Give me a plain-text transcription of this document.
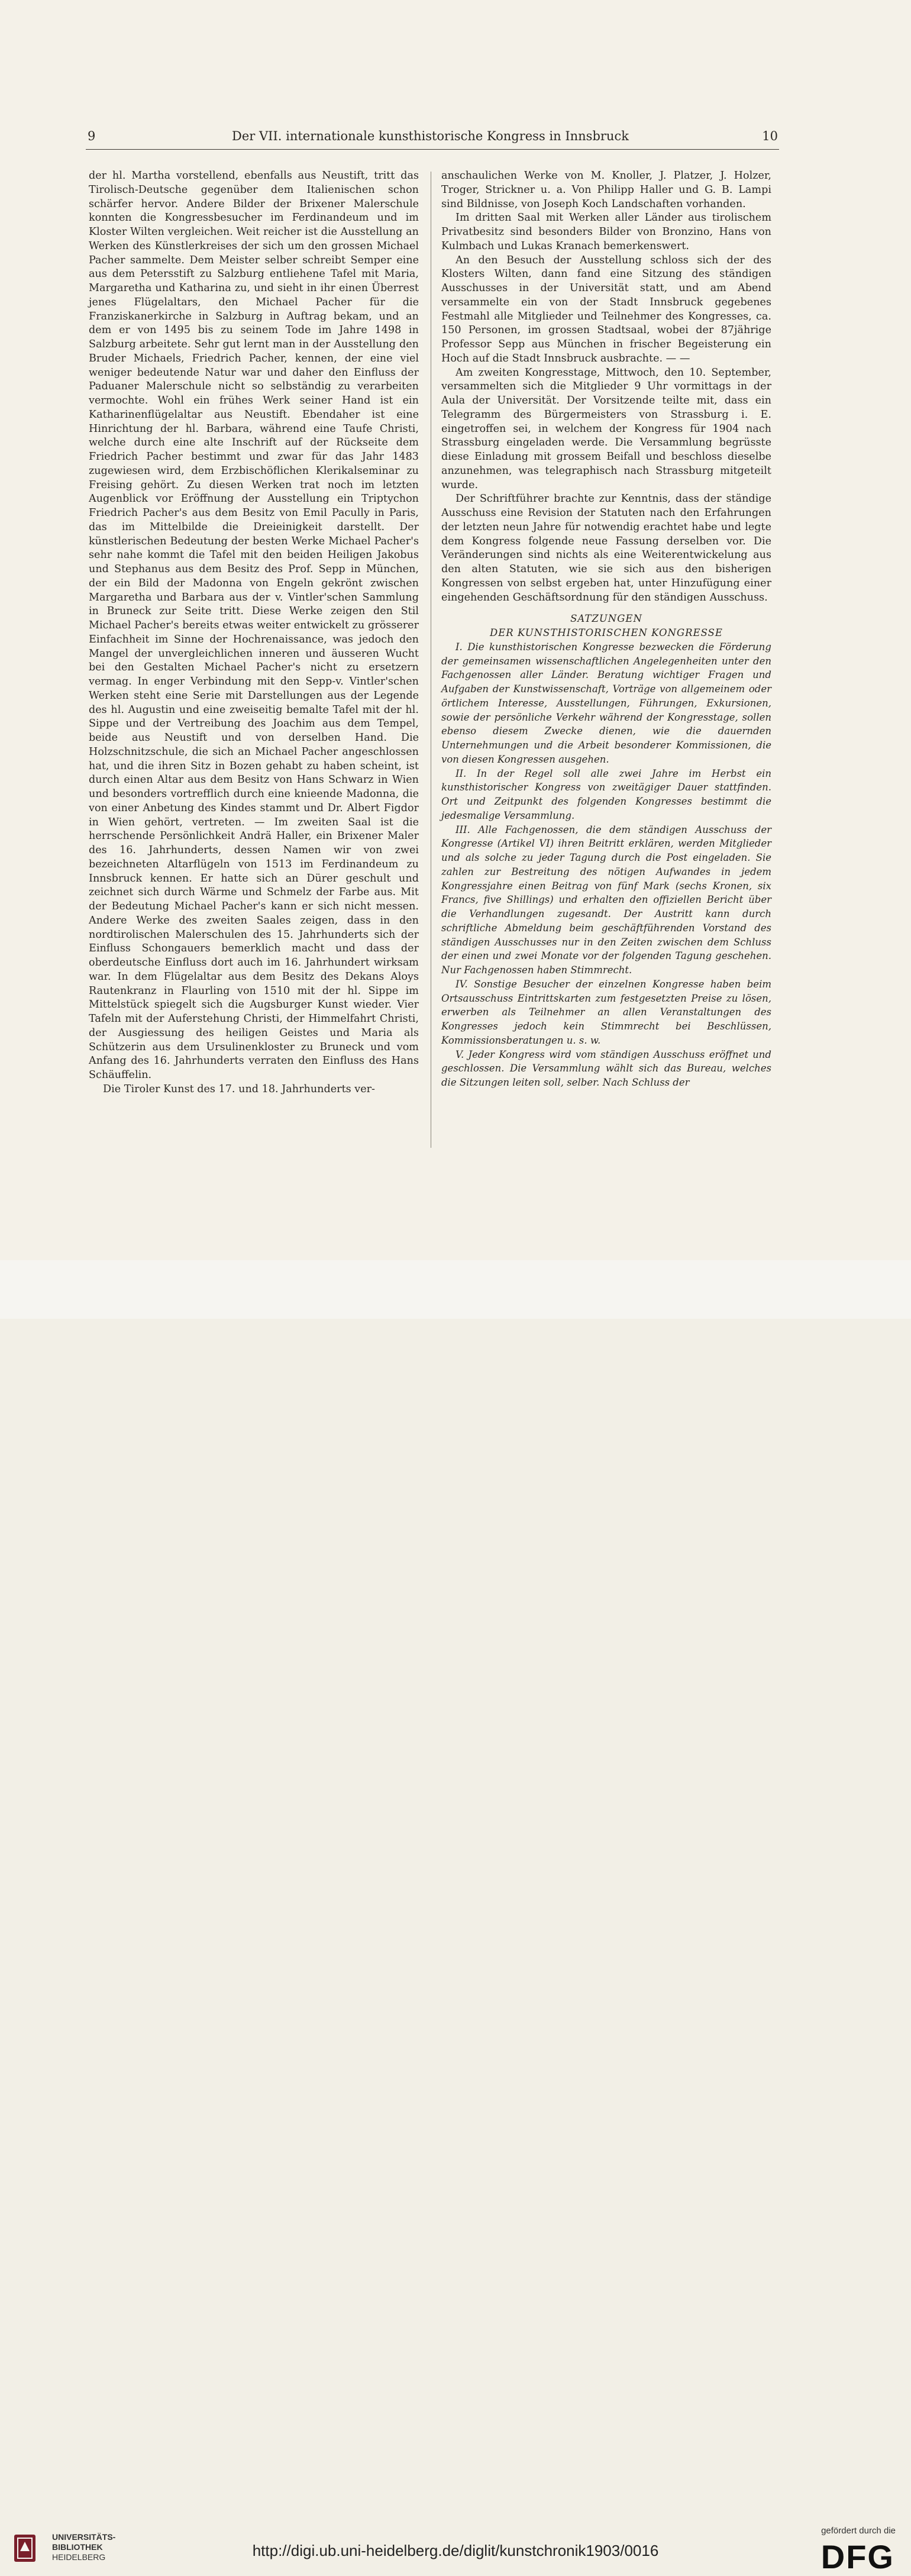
9	Der VII. internationale kunsthistorische Kongress in Innsbruck	10

der hl. Martha vorstellend, ebenfalls aus Neustift, tritt das Tirolisch-Deutsche gegenüber dem Italienischen schon schärfer hervor. Andere Bilder der Brixener Malerschule konnten die Kongressbesucher im Ferdinandeum und im Kloster Wilten vergleichen. Weit reicher ist die Ausstellung an Werken des Künstlerkreises der sich um den grossen Michael Pacher sammelte. Dem Meister selber schreibt Semper eine aus dem Petersstift zu Salzburg entliehene Tafel mit Maria, Margaretha und Katharina zu, und sieht in ihr einen Überrest jenes Flügelaltars, den Michael Pacher für die Franziskanerkirche in Salzburg in Auftrag bekam, und an dem er von 1495 bis zu seinem Tode im Jahre 1498 in Salzburg arbeitete. Sehr gut lernt man in der Ausstellung den Bruder Michaels, Friedrich Pacher, kennen, der eine viel weniger bedeutende Natur war und daher den Einfluss der Paduaner Malerschule nicht so selbständig zu verarbeiten vermochte. Wohl ein frühes Werk seiner Hand ist ein Katharinenflügelaltar aus Neustift. Ebendaher ist eine Hinrichtung der hl. Barbara, während eine Taufe Christi, welche durch eine alte Inschrift auf der Rückseite dem Friedrich Pacher bestimmt und zwar für das Jahr 1483 zugewiesen wird, dem Erzbischöflichen Klerikalseminar zu Freising gehört. Zu diesen Werken trat noch im letzten Augenblick vor Eröffnung der Ausstellung ein Triptychon Friedrich Pacher's aus dem Besitz von Emil Pacully in Paris, das im Mittelbilde die Dreieinigkeit darstellt. Der künstlerischen Bedeutung der besten Werke Michael Pacher's sehr nahe kommt die Tafel mit den beiden Heiligen Jakobus und Stephanus aus dem Besitz des Prof. Sepp in München, der ein Bild der Madonna von Engeln gekrönt zwischen Margaretha und Barbara aus der v. Vintler'schen Sammlung in Bruneck zur Seite tritt. Diese Werke zeigen den Stil Michael Pacher's bereits etwas weiter entwickelt zu grösserer Einfachheit im Sinne der Hochrenaissance, was jedoch den Mangel der unvergleichlichen inneren und äusseren Wucht bei den Gestalten Michael Pacher's nicht zu ersetzern vermag. In enger Verbindung mit den Sepp-v. Vintler'schen Werken steht eine Serie mit Darstellungen aus der Legende des hl. Augustin und eine zweiseitig bemalte Tafel mit der hl. Sippe und der Vertreibung des Joachim aus dem Tempel, beide aus Neustift und von derselben Hand. Die Holzschnitzschule, die sich an Michael Pacher angeschlossen hat, und die ihren Sitz in Bozen gehabt zu haben scheint, ist durch einen Altar aus dem Besitz von Hans Schwarz in Wien und besonders vortrefflich durch eine knieende Madonna, die von einer Anbetung des Kindes stammt und Dr. Albert Figdor in Wien gehört, vertreten. — Im zweiten Saal ist die herrschende Persönlichkeit Andrä Haller, ein Brixener Maler des 16. Jahrhunderts, dessen Namen wir von zwei bezeichneten Altarflügeln von 1513 im Ferdinandeum zu Innsbruck kennen. Er hatte sich an Dürer geschult und zeichnet sich durch Wärme und Schmelz der Farbe aus. Mit der Bedeutung Michael Pacher's kann er sich nicht messen. Andere Werke des zweiten Saales zeigen, dass in den nordtirolischen Malerschulen des 15. Jahrhunderts sich der Einfluss Schongauers bemerklich macht und dass der oberdeutsche Einfluss dort auch im 16. Jahrhundert wirksam war. In dem Flügelaltar aus dem Besitz des Dekans Aloys Rautenkranz in Flaurling von 1510 mit der hl. Sippe im Mittelstück spiegelt sich die Augsburger Kunst wieder. Vier Tafeln mit der Auferstehung Christi, der Himmelfahrt Christi, der Ausgiessung des heiligen Geistes und Maria als Schützerin aus dem Ursulinenkloster zu Bruneck und vom Anfang des 16. Jahrhunderts verraten den Einfluss des Hans Schäuffelin.

Die Tiroler Kunst des 17. und 18. Jahrhunderts ver-

anschaulichen Werke von M. Knoller, J. Platzer, J. Holzer, Troger, Strickner u. a. Von Philipp Haller und G. B. Lampi sind Bildnisse, von Joseph Koch Landschaften vorhanden.

Im dritten Saal mit Werken aller Länder aus tirolischem Privatbesitz sind besonders Bilder von Bronzino, Hans von Kulmbach und Lukas Kranach bemerkenswert.

An den Besuch der Ausstellung schloss sich der des Klosters Wilten, dann fand eine Sitzung des ständigen Ausschusses in der Universität statt, und am Abend versammelte ein von der Stadt Innsbruck gegebenes Festmahl alle Mitglieder und Teilnehmer des Kongresses, ca. 150 Personen, im grossen Stadtsaal, wobei der 87jährige Professor Sepp aus München in frischer Begeisterung ein Hoch auf die Stadt Innsbruck ausbrachte. — —

Am zweiten Kongresstage, Mittwoch, den 10. September, versammelten sich die Mitglieder 9 Uhr vormittags in der Aula der Universität. Der Vorsitzende teilte mit, dass ein Telegramm des Bürgermeisters von Strassburg i. E. eingetroffen sei, in welchem der Kongress für 1904 nach Strassburg eingeladen werde. Die Versammlung begrüsste diese Einladung mit grossem Beifall und beschloss dieselbe anzunehmen, was telegraphisch nach Strassburg mitgeteilt wurde.

Der Schriftführer brachte zur Kenntnis, dass der ständige Ausschuss eine Revision der Statuten nach den Erfahrungen der letzten neun Jahre für notwendig erachtet habe und legte dem Kongress folgende neue Fassung derselben vor. Die Veränderungen sind nichts als eine Weiterentwickelung aus den alten Statuten, wie sie sich aus den bisherigen Kongressen von selbst ergeben hat, unter Hinzufügung einer eingehenden Geschäftsordnung für den ständigen Ausschuss.

SATZUNGEN

DER KUNSTHISTORISCHEN KONGRESSE

I. Die kunsthistorischen Kongresse bezwecken die Förderung der gemeinsamen wissenschaftlichen Angelegenheiten unter den Fachgenossen aller Länder. Beratung wichtiger Fragen und Aufgaben der Kunstwissenschaft, Vorträge von allgemeinem oder örtlichem Interesse, Ausstellungen, Führungen, Exkursionen, sowie der persönliche Verkehr während der Kongresstage, sollen ebenso diesem Zwecke dienen, wie die dauernden Unternehmungen und die Arbeit besonderer Kommissionen, die von diesen Kongressen ausgehen.

II. In der Regel soll alle zwei Jahre im Herbst ein kunsthistorischer Kongress von zweitägiger Dauer stattfinden. Ort und Zeitpunkt des folgenden Kongresses bestimmt die jedesmalige Versammlung.

III. Alle Fachgenossen, die dem ständigen Ausschuss der Kongresse (Artikel VI) ihren Beitritt erklären, werden Mitglieder und als solche zu jeder Tagung durch die Post eingeladen. Sie zahlen zur Bestreitung des nötigen Aufwandes in jedem Kongressjahre einen Beitrag von fünf Mark (sechs Kronen, six Francs, five Shillings) und erhalten den offiziellen Bericht über die Verhandlungen zugesandt. Der Austritt kann durch schriftliche Abmeldung beim geschäftführenden Vorstand des ständigen Ausschusses nur in den Zeiten zwischen dem Schluss der einen und zwei Monate vor der folgenden Tagung geschehen. Nur Fachgenossen haben Stimmrecht.

IV. Sonstige Besucher der einzelnen Kongresse haben beim Ortsausschuss Eintrittskarten zum festgesetzten Preise zu lösen, erwerben als Teilnehmer an allen Veranstaltungen des Kongresses jedoch kein Stimmrecht bei Beschlüssen, Kommissionsberatungen u. s. w.

V. Jeder Kongress wird vom ständigen Ausschuss eröffnet und geschlossen. Die Versammlung wählt sich das Bureau, welches die Sitzungen leiten soll, selber. Nach Schluss der

UNIVERSITÄTS-
BIBLIOTHEK
HEIDELBERG	http://digi.ub.uni-heidelberg.de/diglit/kunstchronik1903/0016
gefördert durch die
DFG
